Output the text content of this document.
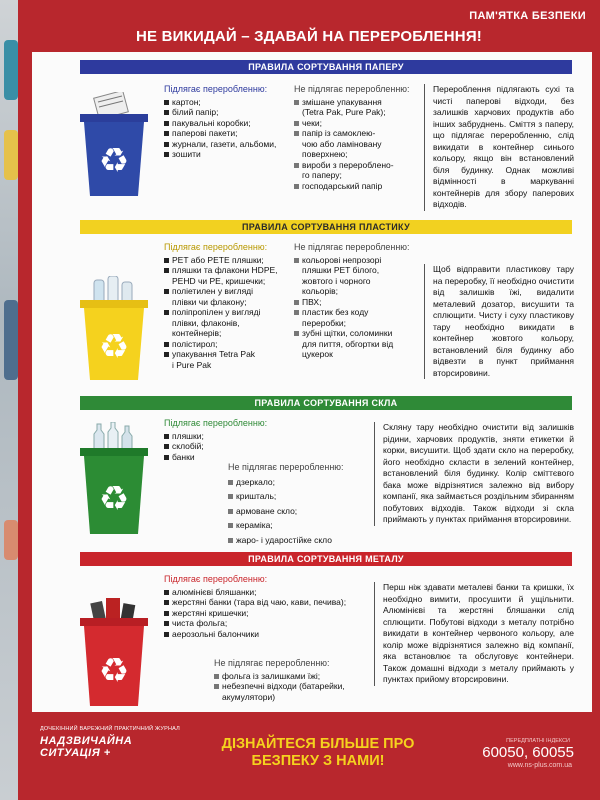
ПАМ'ЯТКА БЕЗПЕКИ
НЕ ВИКИДАЙ – ЗДАВАЙ НА ПЕРЕРОБЛЕННЯ!
ПРАВИЛА СОРТУВАННЯ ПАПЕРУ
♻
Підлягає переробленню:
картон;
білий папір;
пакувальні коробки;
паперові пакети;
журнали, газети, альбоми,
зошити
Не підлягає переробленню:
змішане упакування
(Tetra Pak, Pure Pak);
чеки;
папір із самоклею-
чою або ламіновану
поверхнею;
вироби з перероблено-
го паперу;
господарський папір
Перероблення підлягають сухі та чисті паперові відходи, без залишків харчових продуктів або інших забруднень. Сміття з паперу, що підлягає переробленню, слід викидати в контейнер синього кольору, якщо він встановлений біля будинку. Однак можливі відмінності в маркуванні контейнерів для збору паперових відходів.
ПРАВИЛА СОРТУВАННЯ ПЛАСТИКУ
♻
Підлягає переробленню:
PET або PETE пляшки;
пляшки та флакони HDPE,
PEHD чи PE, кришечки;
поліетилен у вигляді
плівки чи флакону;
поліпропілен у вигляді
плівки, флаконів,
контейнерів;
полістирол;
упакування Tetra Pak
і Pure Pak
Не підлягає переробленню:
кольорові непрозорі
пляшки PET білого,
жовтого і чорного
кольорів;
ПВХ;
пластик без коду
переробки;
зубні щітки, соломинки
для пиття, обгортки від
цукерок
Щоб відправити пластикову тару на переробку, її необхідно очистити від залишків їжі, видалити металевий дозатор, висушити та сплющити. Чисту і суху пластикову тару необхідно викидати в контейнер жовтого кольору, встановлений біля будинку або відвезти в пункт приймання вторсировини.
ПРАВИЛА СОРТУВАННЯ СКЛА
♻
Підлягає переробленню:
пляшки;
склобій;
банки
Не підлягає переробленню:
дзеркало;
кришталь;
армоване скло;
кераміка;
жаро- і ударостійке скло
Скляну тару необхідно очистити від залишків рідини, харчових продуктів, зняти етикетки й корки, висушити. Щоб здати скло на переробку, його необхідно скласти в зелений контейнер, встановлений біля будинку. Колір сміттєвого бака може відрізнятися залежно від вибору компанії, яка займається роздільним збиранням побутових відходів. Також відходи зі скла приймають у пунктах приймання вторсировини.
ПРАВИЛА СОРТУВАННЯ МЕТАЛУ
♻
Підлягає переробленню:
алюмінієві бляшанки;
жерстяні банки (тара від чаю, кави, печива);
жерстяні кришечки;
чиста фольга;
аерозольні балончики
Не підлягає переробленню:
фольга із залишками їжі;
небезпечні відходи (батарейки,
акумулятори)
Перш ніж здавати металеві банки та кришки, їх необхідно вимити, просушити й ущільнити. Алюмінієві та жерстяні бляшанки слід сплющити. Побутові відходи з металу потрібно викидати в контейнер червоного кольору, але колір може відрізнятися залежно від компанії, яка встановлює та обслуговує контейнери. Також домашні відходи з металу приймають у пунктах прийому вторсировини.
ДОЧЕКІННИЙ ВАРЕЖНИЙ ПРАКТИЧНИЙ ЖУРНАЛ
НАДЗВИЧАЙНА
СИТУАЦІЯ +
ДІЗНАЙТЕСЯ БІЛЬШЕ ПРО БЕЗПЕКУ З НАМИ!
ПЕРЕДПЛАТНІ ІНДЕКСИ
60050, 60055
www.ns-plus.com.ua
